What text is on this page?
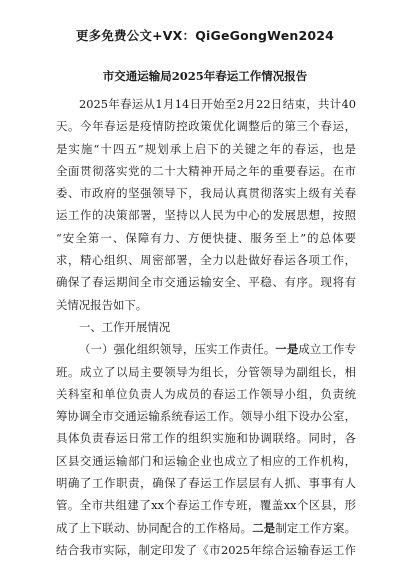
更多免费公文+VX：QiGeGongWen2024
市交通运输局2025年春运工作情况报告
2025年春运从1月14日开始至2月22日结束，共计40
天。今年春运是疫情防控政策优化调整后的第三个春运，
是实施“十四五”规划承上启下的关键之年的春运，也是
全面贯彻落实党的二十大精神开局之年的重要春运。在市
委、市政府的坚强领导下，我局认真贯彻落实上级有关春
运工作的决策部署，坚持以人民为中心的发展思想，按照
“安全第一、保障有力、方便快捷、服务至上”的总体要
求，精心组织、周密部署，全力以赴做好春运各项工作，
确保了春运期间全市交通运输安全、平稳、有序。现将有
关情况报告如下。
一、工作开展情况
（一）强化组织领导，压实工作责任。一是成立工作专
班。成立了以局主要领导为组长，分管领导为副组长，相
关科室和单位负责人为成员的春运工作领导小组，负责统
筹协调全市交通运输系统春运工作。领导小组下设办公室，
具体负责春运日常工作的组织实施和协调联络。同时，各
区县交通运输部门和运输企业也成立了相应的工作机构，
明确了工作职责，确保了春运工作层层有人抓、事事有人
管。全市共组建了xx个春运工作专班，覆盖xx个区县，形
成了上下联动、协同配合的工作格局。二是制定工作方案。
结合我市实际，制定印发了《市2025年综合运输春运工作
